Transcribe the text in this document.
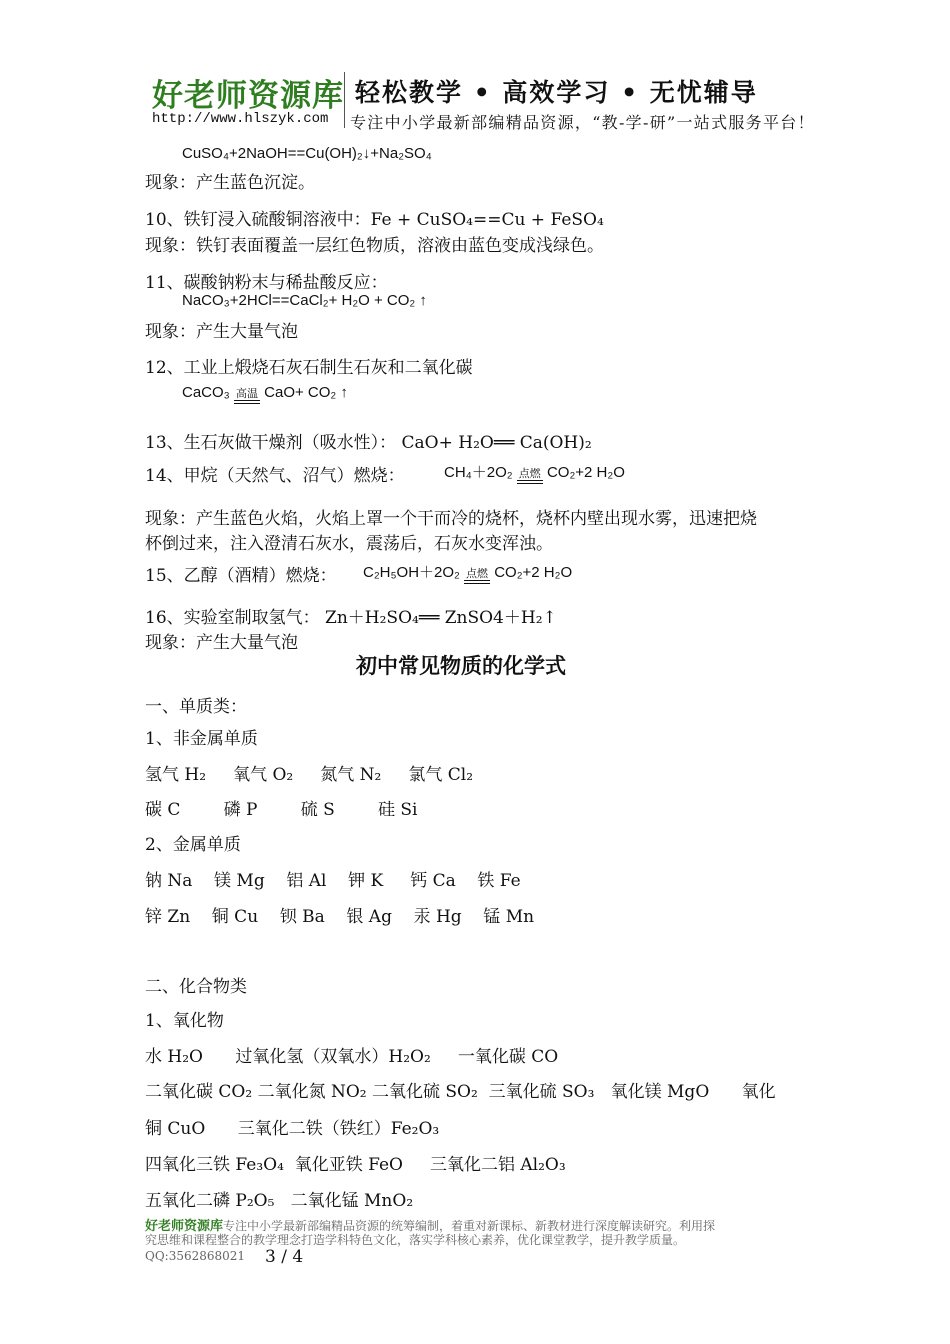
好老师资源库 轻松教学 • 高效学习 • 无忧辅导
http://www.hlszyk.com 专注中小学最新部编精品资源，“教-学-研”一站式服务平台！
CuSO₄+2NaOH==Cu(OH)₂↓+Na₂SO₄
现象：产生蓝色沉淀。
10、铁钉浸入硫酸铜溶液中：Fe + CuSO₄==Cu + FeSO₄
现象：铁钉表面覆盖一层红色物质，溶液由蓝色变成浅绿色。
11、碳酸钠粉末与稀盐酸反应：
NaCO₃+2HCl==CaCl₂+ H₂O + CO₂ ↑
现象：产生大量气泡
12、工业上煅烧石灰石制生石灰和二氧化碳
CaCO₃ 高温 CaO+ CO₂ ↑
13、生石灰做干燥剂（吸水性）： CaO+ H₂O══ Ca(OH)₂
14、甲烷（天然气、沼气）燃烧：	CH₄＋2O₂ 点燃 CO₂+2 H₂O
现象：产生蓝色火焰，火焰上罩一个干而冷的烧杯，烧杯内壁出现水雾，迅速把烧
杯倒过来，注入澄清石灰水，震荡后，石灰水变浑浊。
15、乙醇（酒精）燃烧： C₂H₅OH＋2O₂ 点燃 CO₂+2 H₂O
16、实验室制取氢气： Zn＋H₂SO₄══ ZnSO4＋H₂↑
现象：产生大量气泡
初中常见物质的化学式
一、单质类：
1、非金属单质
氢气 H₂     氧气 O₂     氮气 N₂     氯气 Cl₂
碳 C        磷 P        硫 S        硅 Si
2、金属单质
钠 Na    镁 Mg    铝 Al    钾 K     钙 Ca    铁 Fe
锌 Zn    铜 Cu    钡 Ba    银 Ag    汞 Hg    锰 Mn
二、化合物类
1、氧化物
水 H₂O      过氧化氢（双氧水）H₂O₂     一氧化碳 CO
二氧化碳 CO₂ 二氧化氮 NO₂ 二氧化硫 SO₂  三氧化硫 SO₃   氧化镁 MgO      氧化
铜 CuO      三氧化二铁（铁红）Fe₂O₃
四氧化三铁 Fe₃O₄  氧化亚铁 FeO     三氧化二铝 Al₂O₃
五氧化二磷 P₂O₅   二氧化锰 MnO₂
好老师资源库专注中小学最新部编精品资源的统筹编制，着重对新课标、新教材进行深度解读研究。利用探
究思维和课程整合的教学理念打造学科特色文化，落实学科核心素养，优化课堂教学，提升教学质量。
QQ:3562868021 3 / 4
